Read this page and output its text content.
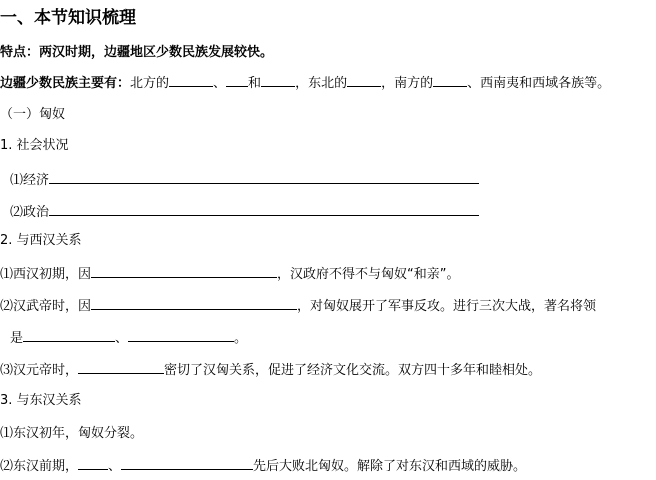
一、本节知识梳理
特点：两汉时期，边疆地区少数民族发展较快。
边疆少数民族主要有：北方的	、 和	，东北的	，南方的	、西南夷和西域各族等。
（一）匈奴
1. 社会状况
⑴经济
⑵政治
2. 与西汉关系
⑴西汉初期，因	，汉政府不得不与匈奴“和亲”。
⑵汉武帝时，因	，对匈奴展开了军事反攻。进行三次大战，著名将领
是	、	。
⑶汉元帝时，	密切了汉匈关系，促进了经济文化交流。双方四十多年和睦相处。
3. 与东汉关系
⑴东汉初年，匈奴分裂。
⑵东汉前期， 、	先后大败北匈奴。解除了对东汉和西域的威胁。
